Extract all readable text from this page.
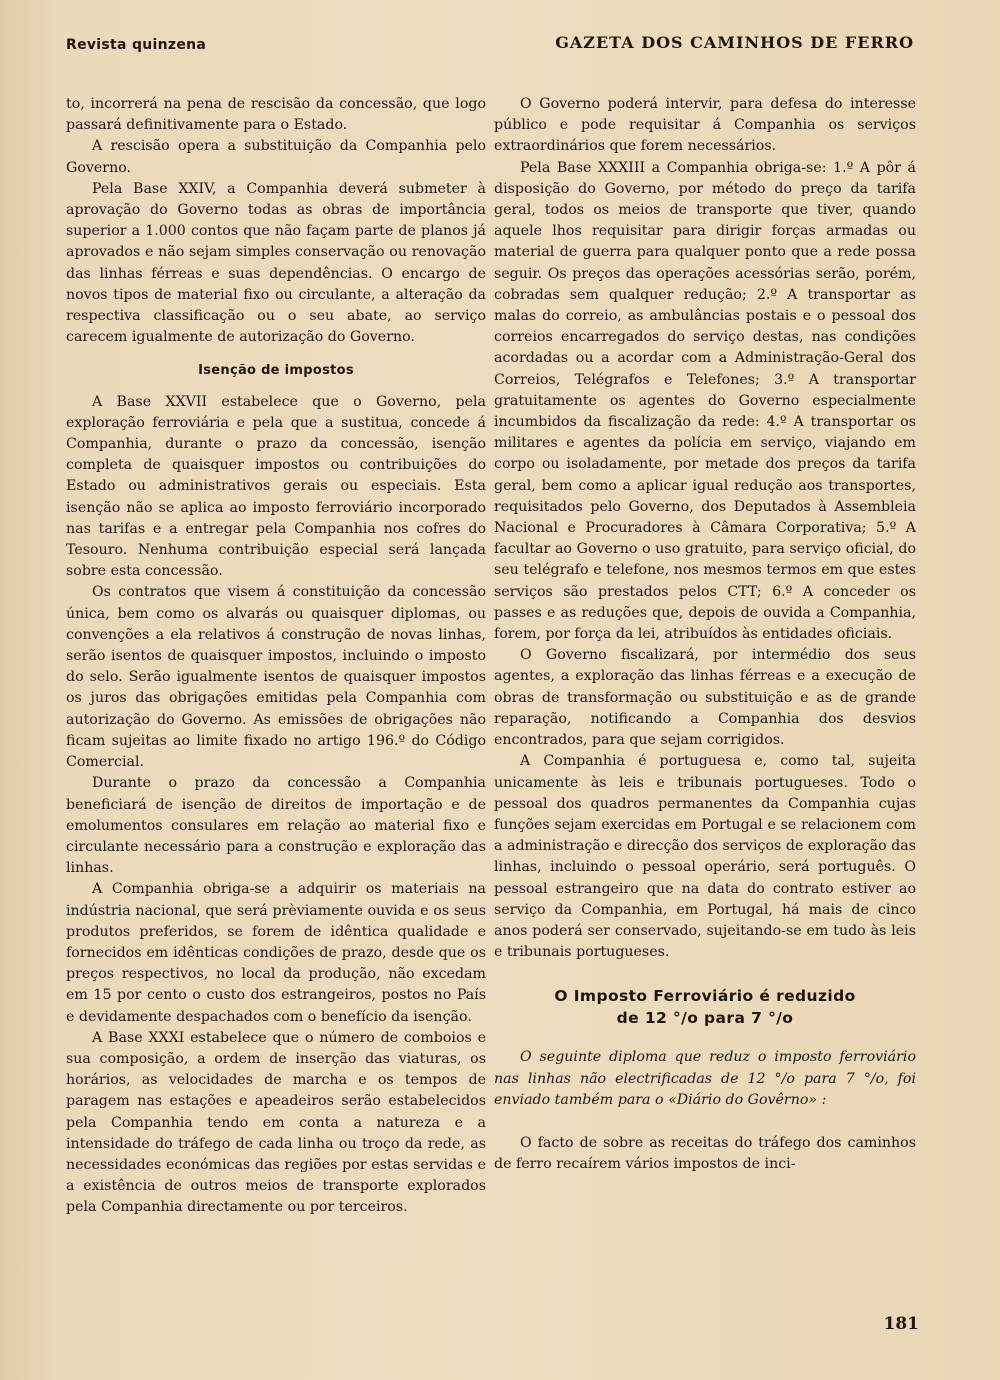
Revista quinzena	GAZETA DOS CAMINHOS DE FERRO

to, incorrerá na pena de rescisão da concessão, que logo passará definitivamente para o Estado.

A rescisão opera a substituição da Companhia pelo Governo.

Pela Base XXIV, a Companhia deverá submeter à aprovação do Governo todas as obras de importância superior a 1.000 contos que não façam parte de planos já aprovados e não sejam simples conservação ou renovação das linhas férreas e suas dependências. O encargo de novos tipos de material fixo ou circulante, a alteração da respectiva classificação ou o seu abate, ao serviço carecem igualmente de autorização do Governo.

Isenção de impostos

A Base XXVII estabelece que o Governo, pela exploração ferroviária e pela que a sustitua, concede á Companhia, durante o prazo da concessão, isenção completa de quaisquer impostos ou contribuições do Estado ou administrativos gerais ou especiais. Esta isenção não se aplica ao imposto ferroviário incorporado nas tarifas e a entregar pela Companhia nos cofres do Tesouro. Nenhuma contribuição especial será lançada sobre esta concessão.

Os contratos que visem á constituição da concessão única, bem como os alvarás ou quaisquer diplomas, ou convenções a ela relativos á construção de novas linhas, serão isentos de quaisquer impostos, incluindo o imposto do selo. Serão igualmente isentos de quaisquer impostos os juros das obrigações emitidas pela Companhia com autorização do Governo. As emissões de obrigações não ficam sujeitas ao limite fixado no artigo 196.º do Código Comercial.

Durante o prazo da concessão a Companhia beneficiará de isenção de direitos de importação e de emolumentos consulares em relação ao material fixo e circulante necessário para a construção e exploração das linhas.

A Companhia obriga-se a adquirir os materiais na indústria nacional, que será prèviamente ouvida e os seus produtos preferidos, se forem de idêntica qualidade e fornecidos em idênticas condições de prazo, desde que os preços respectivos, no local da produção, não excedam em 15 por cento o custo dos estrangeiros, postos no País e devidamente despachados com o benefício da isenção.

A Base XXXI estabelece que o número de comboios e sua composição, a ordem de inserção das viaturas, os horários, as velocidades de marcha e os tempos de paragem nas estações e apeadeiros serão estabelecidos pela Companhia tendo em conta a natureza e a intensidade do tráfego de cada linha ou troço da rede, as necessidades económicas das regiões por estas servidas e a existência de outros meios de transporte explorados pela Companhia directamente ou por terceiros.

O Governo poderá intervir, para defesa do interesse público e pode requisitar á Companhia os serviços extraordinários que forem necessários.

Pela Base XXXIII a Companhia obriga-se: 1.º A pôr á disposição do Governo, por método do preço da tarifa geral, todos os meios de transporte que tiver, quando aquele lhos requisitar para dirigir forças armadas ou material de guerra para qualquer ponto que a rede possa seguir. Os preços das operações acessórias serão, porém, cobradas sem qualquer redução; 2.º A transportar as malas do correio, as ambulâncias postais e o pessoal dos correios encarregados do serviço destas, nas condições acordadas ou a acordar com a Administração-Geral dos Correios, Telégrafos e Telefones; 3.º A transportar gratuitamente os agentes do Governo especialmente incumbidos da fiscalização da rede: 4.º A transportar os militares e agentes da polícia em serviço, viajando em corpo ou isoladamente, por metade dos preços da tarifa geral, bem como a aplicar igual redução aos transportes, requisitados pelo Governo, dos Deputados à Assembleia Nacional e Procuradores à Câmara Corporativa; 5.º A facultar ao Governo o uso gratuito, para serviço oficial, do seu telégrafo e telefone, nos mesmos termos em que estes serviços são prestados pelos CTT; 6.º A conceder os passes e as reduções que, depois de ouvida a Companhia, forem, por força da lei, atribuídos às entidades oficiais.

O Governo fiscalizará, por intermédio dos seus agentes, a exploração das linhas férreas e a execução de obras de transformação ou substituição e as de grande reparação, notificando a Companhia dos desvios encontrados, para que sejam corrigidos.

A Companhia é portuguesa e, como tal, sujeita unicamente às leis e tribunais portugueses. Todo o pessoal dos quadros permanentes da Companhia cujas funções sejam exercidas em Portugal e se relacionem com a administração e direcção dos serviços de exploração das linhas, incluindo o pessoal operário, será português. O pessoal estrangeiro que na data do contrato estiver ao serviço da Companhia, em Portugal, há mais de cinco anos poderá ser conservado, sujeitando-se em tudo às leis e tribunais portugueses.

O Imposto Ferroviário é reduzido
de 12 °/o para 7 °/o

O seguinte diploma que reduz o imposto ferroviário nas linhas não electrificadas de 12 °/o para 7 °/o, foi enviado também para o «Diário do Govêrno» :

O facto de sobre as receitas do tráfego dos caminhos de ferro recaírem vários impostos de inci-

181
